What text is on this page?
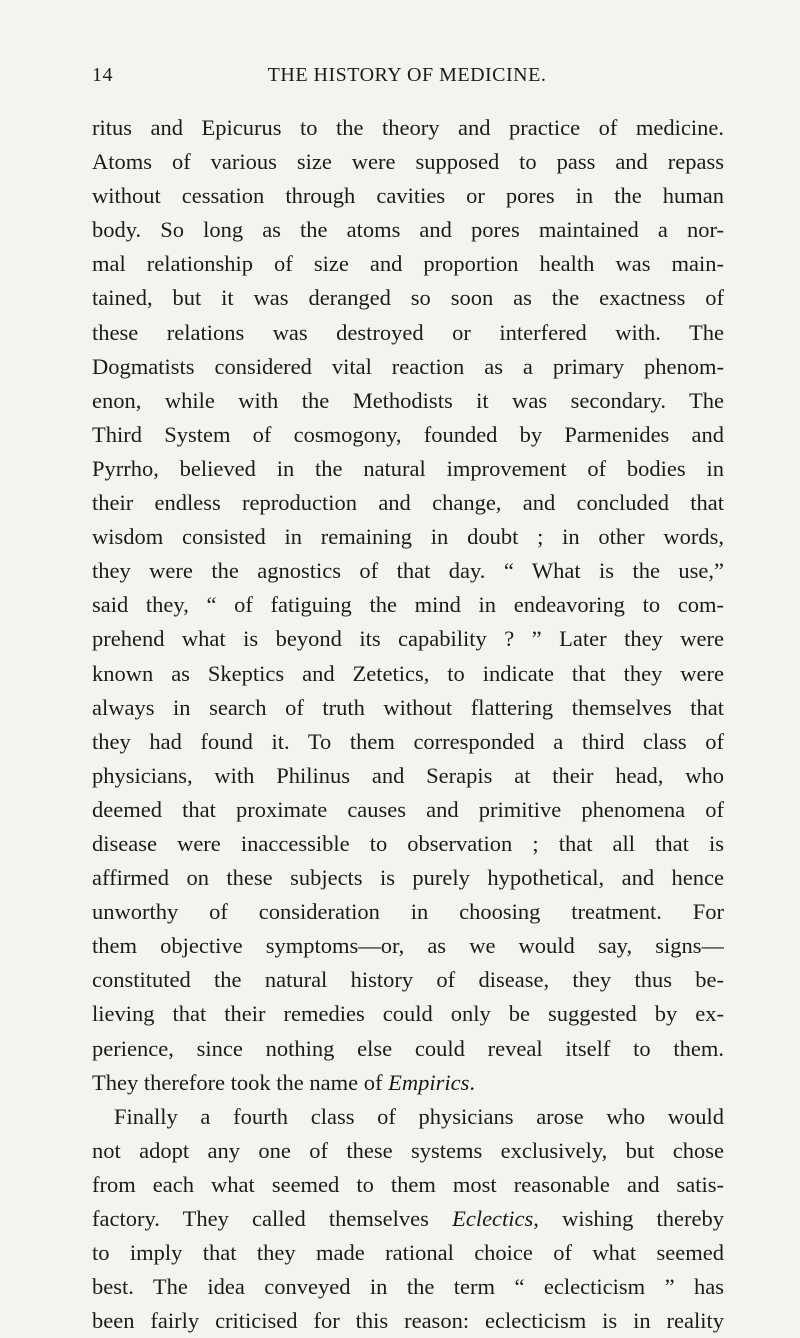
14	THE HISTORY OF MEDICINE.
ritus and Epicurus to the theory and practice of medicine.
Atoms of various size were supposed to pass and repass
without cessation through cavities or pores in the human
body. So long as the atoms and pores maintained a nor-
mal relationship of size and proportion health was main-
tained, but it was deranged so soon as the exactness of
these relations was destroyed or interfered with. The
Dogmatists considered vital reaction as a primary phenom-
enon, while with the Methodists it was secondary. The
Third System of cosmogony, founded by Parmenides and
Pyrrho, believed in the natural improvement of bodies in
their endless reproduction and change, and concluded that
wisdom consisted in remaining in doubt ; in other words,
they were the agnostics of that day. “ What is the use,”
said they, “ of fatiguing the mind in endeavoring to com-
prehend what is beyond its capability ? ” Later they were
known as Skeptics and Zetetics, to indicate that they were
always in search of truth without flattering themselves that
they had found it. To them corresponded a third class of
physicians, with Philinus and Serapis at their head, who
deemed that proximate causes and primitive phenomena of
disease were inaccessible to observation ; that all that is
affirmed on these subjects is purely hypothetical, and hence
unworthy of consideration in choosing treatment. For
them objective symptoms—or, as we would say, signs—
constituted the natural history of disease, they thus be-
lieving that their remedies could only be suggested by ex-
perience, since nothing else could reveal itself to them.
They therefore took the name of Empirics.
Finally a fourth class of physicians arose who would
not adopt any one of these systems exclusively, but chose
from each what seemed to them most reasonable and satis-
factory. They called themselves Eclectics, wishing thereby
to imply that they made rational choice of what seemed
best. The idea conveyed in the term “ eclecticism ” has
been fairly criticised for this reason: eclecticism is in reality
